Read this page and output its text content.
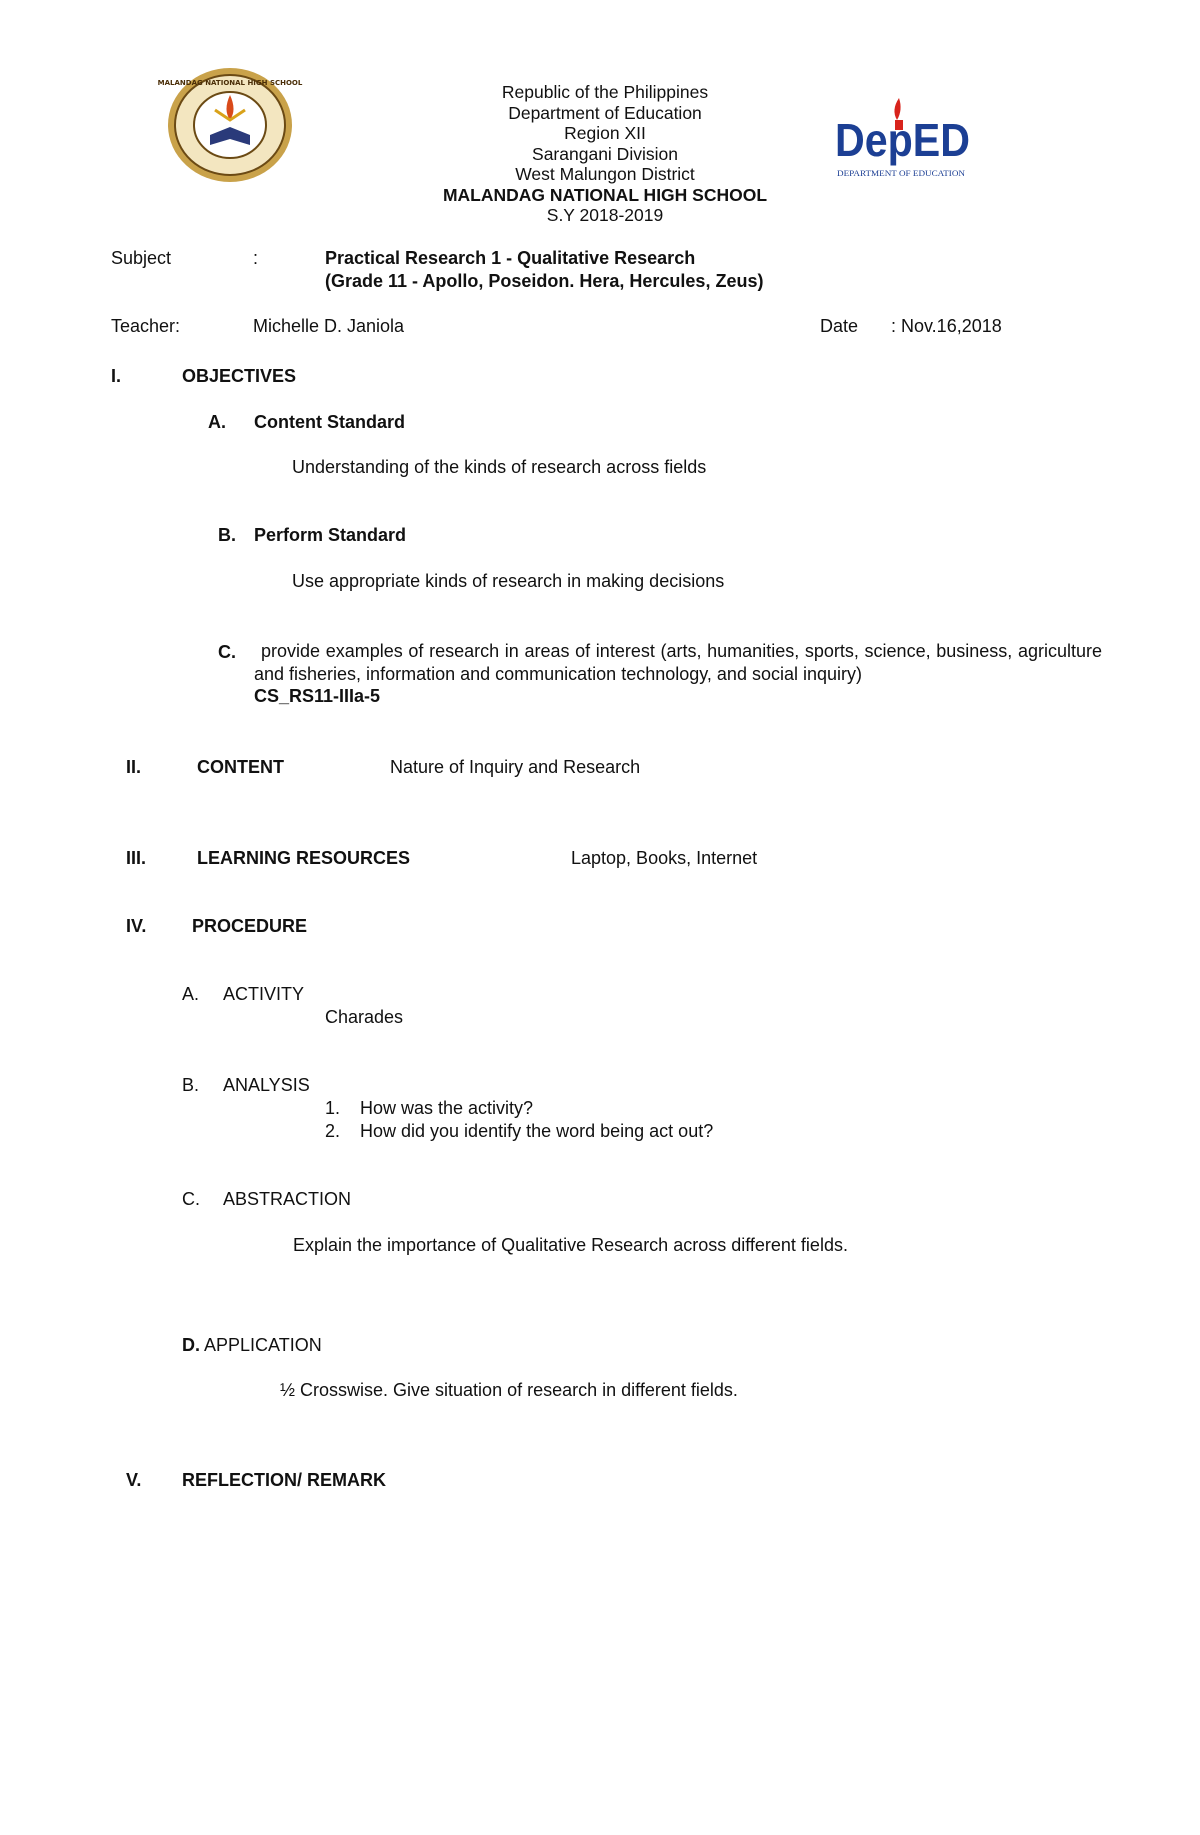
MALANDAG NATIONAL HIGH SCHOOL	Republic of the Philippines
Department of Education
Region XII
Sarangani Division
West Malungon District
MALANDAG NATIONAL HIGH SCHOOL
S.Y 2018-2019
DepED
DEPARTMENT OF EDUCATION
Subject	:	Practical Research 1 - Qualitative Research
(Grade 11 - Apollo, Poseidon. Hera, Hercules, Zeus)
Teacher:	Michelle D. Janiola	Date : Nov.16,2018
I.	OBJECTIVES
A. Content Standard
Understanding of the kinds of research across fields
B. Perform Standard
Use appropriate kinds of research in making decisions
C.	provide examples of research in areas of interest (arts, humanities, sports, science, business, agriculture and fisheries, information and communication technology, and social inquiry)
CS_RS11-IIIa-5
II.	CONTENT	Nature of Inquiry and Research
III.	LEARNING RESOURCES	Laptop, Books, Internet
IV.	PROCEDURE
A. ACTIVITY
Charades
B. ANALYSIS
1. How was the activity?
2. How did you identify the word being act out?
C. ABSTRACTION
Explain the importance of Qualitative Research across different fields.
D. APPLICATION
½ Crosswise. Give situation of research in different fields.
V. REFLECTION/ REMARK
